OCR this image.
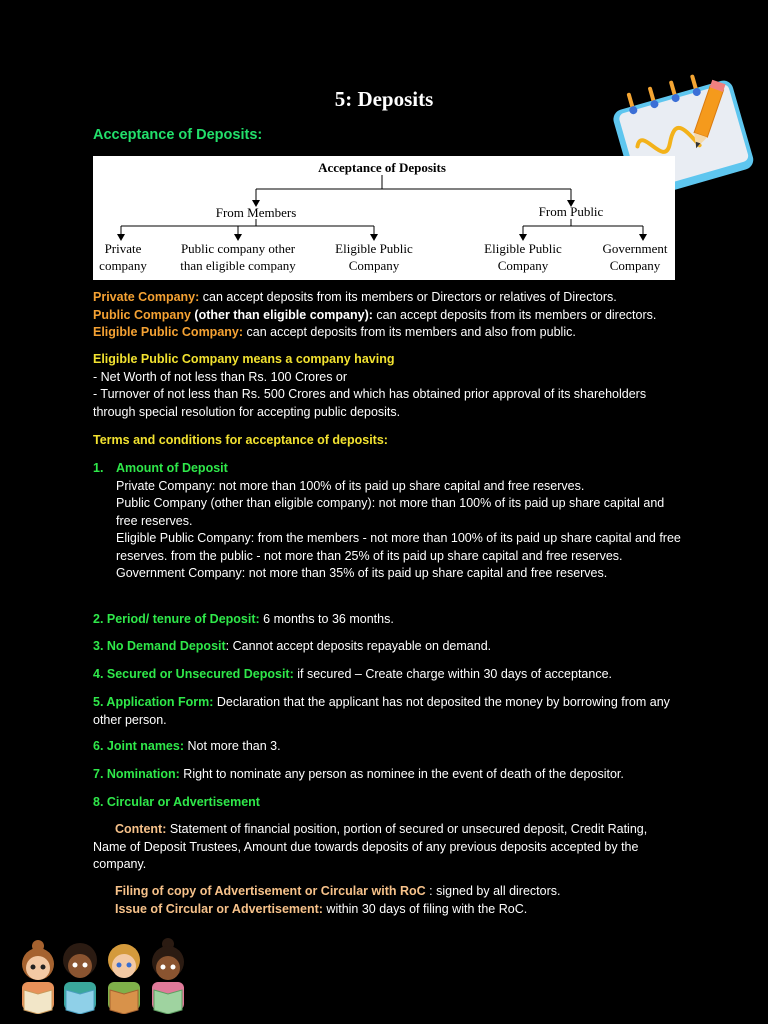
5: Deposits
Acceptance of Deposits:
Acceptance of Deposits
From Members	From Public
Private
company
Public company other
than eligible company
Eligible Public
Company
Eligible Public
Company
Government
Company

Private Company: can accept deposits from its members or Directors or relatives of Directors.

Public Company (other than eligible company): can accept deposits from its members or directors.

Eligible Public Company: can accept deposits from its members and also from public.

Eligible Public Company means a company having

- Net Worth of not less than Rs. 100 Crores or

- Turnover of not less than Rs. 500 Crores and which has obtained prior approval of its shareholders through special resolution for accepting public deposits.

Terms and conditions for acceptance of deposits:

1. Amount of Deposit

Private Company: not more than 100% of its paid up share capital and free reserves.

Public Company (other than eligible company): not more than 100% of its paid up share capital and free reserves.

Eligible Public Company: from the members - not more than 100% of its paid up share capital and free reserves. from the public - not more than 25% of its paid up share capital and free reserves.

Government Company: not more than 35% of its paid up share capital and free reserves.

2. Period/ tenure of Deposit: 6 months to 36 months.

3. No Demand Deposit: Cannot accept deposits repayable on demand.

4. Secured or Unsecured Deposit: if secured – Create charge within 30 days of acceptance.

5. Application Form: Declaration that the applicant has not deposited the money by borrowing from any other person.

6. Joint names: Not more than 3.

7. Nomination: Right to nominate any person as nominee in the event of death of the depositor.

8. Circular or Advertisement

Content: Statement of financial position, portion of secured or unsecured deposit, Credit Rating, Name of Deposit Trustees, Amount due towards deposits of any previous deposits accepted by the company.

Filing of copy of Advertisement or Circular with RoC : signed by all directors.

Issue of Circular or Advertisement: within 30 days of filing with the RoC.
